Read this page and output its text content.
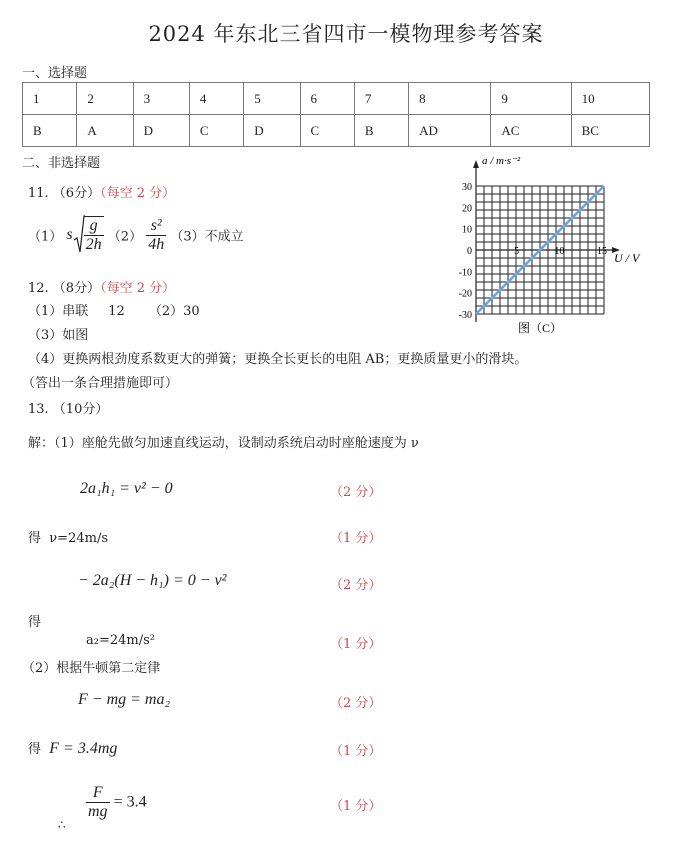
2024 年东北三省四市一模物理参考答案
一、选择题
1	2	3	4	5	6	7	8	9	10
B	A	D	C	D	C	B	AD	AC	BC
二、非选择题
11. （6分）（每空 2 分）
（1） s $\frac{g}{2h} (2) \frac{\text{s²}}{4h} (3)$不成立
12. （8分）（每空 2 分）
（1）串联 12 （2）30
（3）如图
（4）更换两根劲度系数更大的弹簧；更换全长更长的电阻 AB；更换质量更小的滑块。
（答出一条合理措施即可）
30
20
10
0
-10
-20
-30
5	10	15
a / m·s⁻²
U / V
图（C）
13. （10分）
解：（1）座舱先做匀加速直线运动，设制动系统启动时座舱速度为 ν
2a₁h₁ = ν² − 0	（2 分）
得 ν=24m/s	（1 分）
− 2a₂(H − h₁) = 0 − ν²	（2 分）
得
a₂=24m/s²	（1 分）
（2）根据牛顿第二定律
F − mg = ma₂	（2 分）
得 F = 3.4mg	（1 分）
$\frac{F}{mg} = 3.4$	（1 分）
∴
